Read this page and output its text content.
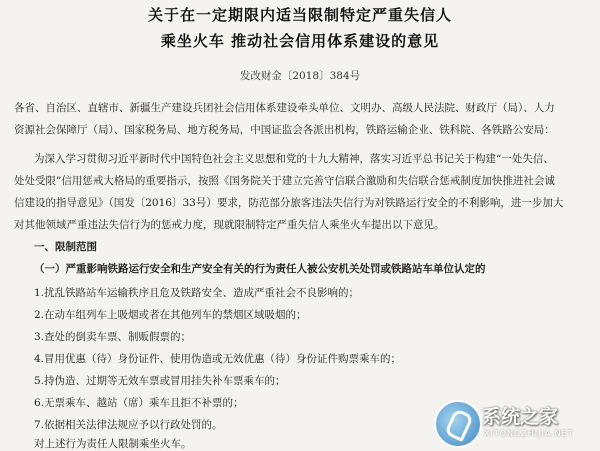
关于在一定期限内适当限制特定严重失信人
乘坐火车 推动社会信用体系建设的意见
发改财金〔2018〕384号
各省、自治区、直辖市、新疆生产建设兵团社会信用体系建设牵头单位、文明办、高级人民法院、财政厅（局）、人力
资源社会保障厅（局）、国家税务局、地方税务局，中国证监会各派出机构，铁路运输企业、铁科院、各铁路公安局：
为深入学习贯彻习近平新时代中国特色社会主义思想和党的十九大精神，落实习近平总书记关于构建“一处失信、
处处受限”信用惩戒大格局的重要指示，按照《国务院关于建立完善守信联合激励和失信联合惩戒制度加快推进社会诚
信建设的指导意见》（国发〔2016〕33号）要求，防范部分旅客违法失信行为对铁路运行安全的不利影响，进一步加大
对其他领域严重违法失信行为的惩戒力度，现就限制特定严重失信人乘坐火车提出以下意见。
一、限制范围
（一）严重影响铁路运行安全和生产安全有关的行为责任人被公安机关处罚或铁路站车单位认定的
1.扰乱铁路站车运输秩序且危及铁路安全、造成严重社会不良影响的；
2.在动车组列车上吸烟或者在其他列车的禁烟区域吸烟的；
3.查处的倒卖车票、制贩假票的；
4.冒用优惠（待）身份证件、使用伪造或无效优惠（待）身份证件购票乘车的；
5.持伪造、过期等无效车票或冒用挂失补车票乘车的；
6.无票乘车、越站（席）乘车且拒不补票的；
7.依据相关法律法规应予以行政处罚的。
对上述行为责任人限制乘坐火车。
系统之家
XITONGZHIJIA.NET
